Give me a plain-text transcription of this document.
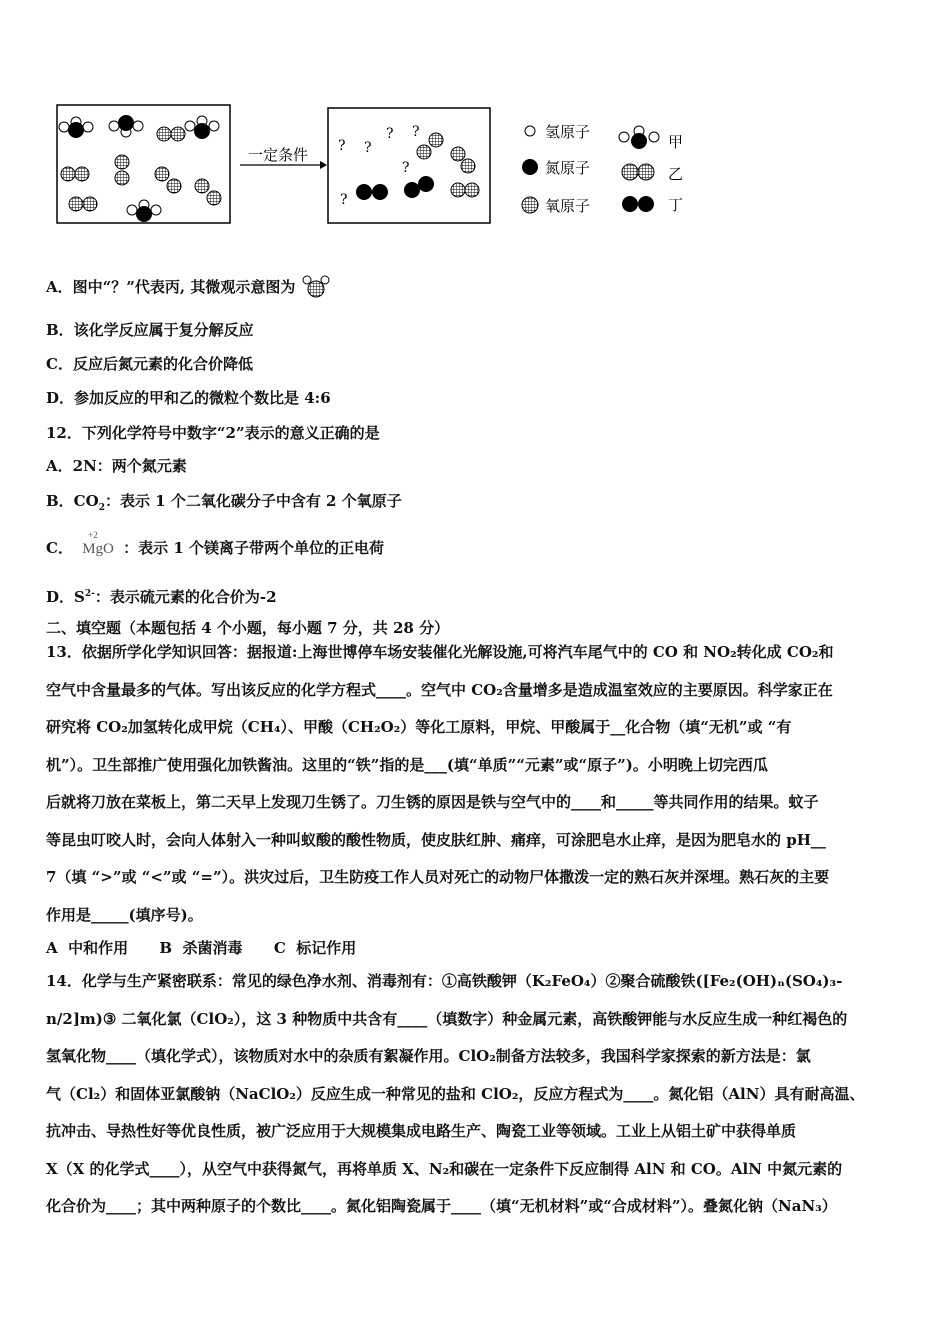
一定条件 ? ?
? ?
?
?
氢原子
氮原子
氧原子
甲
乙
丁
A．图中“？”代表丙, 其微观示意图为
B．该化学反应属于复分解反应
C．反应后氮元素的化合价降低
D．参加反应的甲和乙的微粒个数比是 4:6
12．下列化学符号中数字“2”表示的意义正确的是
A．2N：两个氮元素
B．$CO_2$：表示 1 个二氧化碳分子中含有 2 个氧原子
C．
+2
MgO ：表示 1 个镁离子带两个单位的正电荷
D．$S^{2-}$：表示硫元素的化合价为-2
二、填空题（本题包括 4 个小题，每小题 7 分，共 28 分）
13．依据所学化学知识回答：据报道:上海世博停车场安装催化光解设施,可将汽车尾气中的 CO 和 NO₂转化成 CO₂和
空气中含量最多的气体。写出该反应的化学方程式____。空气中 CO₂含量增多是造成温室效应的主要原因。科学家正在
研究将 CO₂加氢转化成甲烷（CH₄）、甲酸（CH₂O₂）等化工原料，甲烷、甲酸属于__化合物（填“无机”或 “有
机”）。卫生部推广使用强化加铁酱油。这里的“铁”指的是___(填“单质”“元素”或“原子”)。小明晚上切完西瓜
后就将刀放在菜板上，第二天早上发现刀生锈了。刀生锈的原因是铁与空气中的____和_____等共同作用的结果。蚊子
等昆虫叮咬人时，会向人体射入一种叫蚁酸的酸性物质，使皮肤红肿、痛痒，可涂肥皂水止痒，是因为肥皂水的 pH__
7（填 “>”或 “<”或 “=”）。洪灾过后，卫生防疫工作人员对死亡的动物尸体撒泼一定的熟石灰并深埋。熟石灰的主要
作用是_____(填序号)。
A  中和作用      B  杀菌消毒      C  标记作用
14．化学与生产紧密联系：常见的绿色净水剂、消毒剂有：①高铁酸钾（K₂FeO₄）②聚合硫酸铁([Fe₂(OH)ₙ(SO₄)₃-
n/2]m)③ 二氧化氯（ClO₂），这 3 种物质中共含有____（填数字）种金属元素，高铁酸钾能与水反应生成一种红褐色的
氢氧化物____（填化学式），该物质对水中的杂质有絮凝作用。ClO₂制备方法较多，我国科学家探索的新方法是：氯
气（Cl₂）和固体亚氯酸钠（NaClO₂）反应生成一种常见的盐和 ClO₂，反应方程式为____。氮化铝（AlN）具有耐高温、
抗冲击、导热性好等优良性质，被广泛应用于大规模集成电路生产、陶瓷工业等领域。工业上从铝土矿中获得单质
X（X 的化学式____），从空气中获得氮气，再将单质 X、N₂和碳在一定条件下反应制得 AlN 和 CO。AlN 中氮元素的
化合价为____；其中两种原子的个数比____。氮化铝陶瓷属于____（填“无机材料”或“合成材料”）。叠氮化钠（NaN₃）
